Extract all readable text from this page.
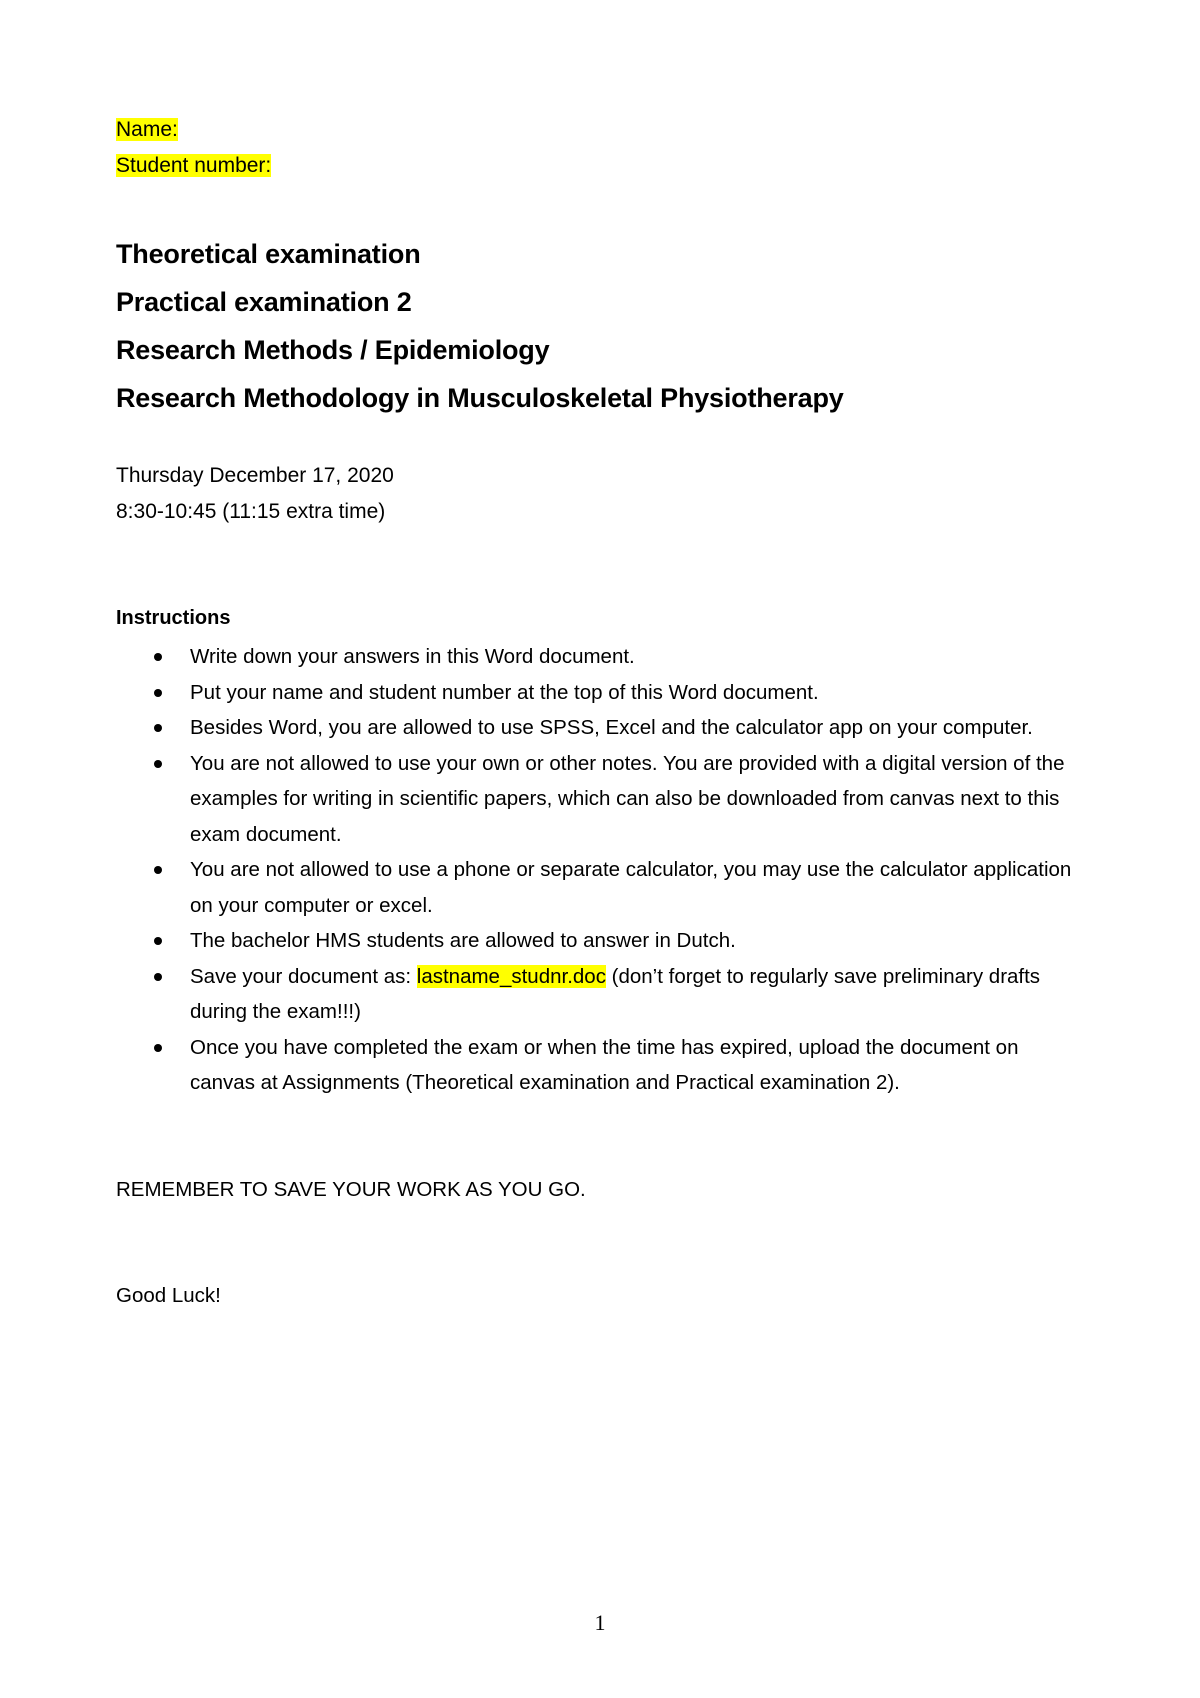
Name:
Student number:
Theoretical examination
Practical examination 2
Research Methods / Epidemiology
Research Methodology in Musculoskeletal Physiotherapy
Thursday December 17, 2020
8:30-10:45 (11:15 extra time)
Instructions
Write down your answers in this Word document.
Put your name and student number at the top of this Word document.
Besides Word, you are allowed to use SPSS, Excel and the calculator app on your computer.
You are not allowed to use your own or other notes. You are provided with a digital version of the examples for writing in scientific papers, which can also be downloaded from canvas next to this exam document.
You are not allowed to use a phone or separate calculator, you may use the calculator application on your computer or excel.
The bachelor HMS students are allowed to answer in Dutch.
Save your document as: lastname_studnr.doc (don’t forget to regularly save preliminary drafts during the exam!!!)
Once you have completed the exam or when the time has expired, upload the document on canvas at Assignments (Theoretical examination and Practical examination 2).
REMEMBER TO SAVE YOUR WORK AS YOU GO.
Good Luck!
1
